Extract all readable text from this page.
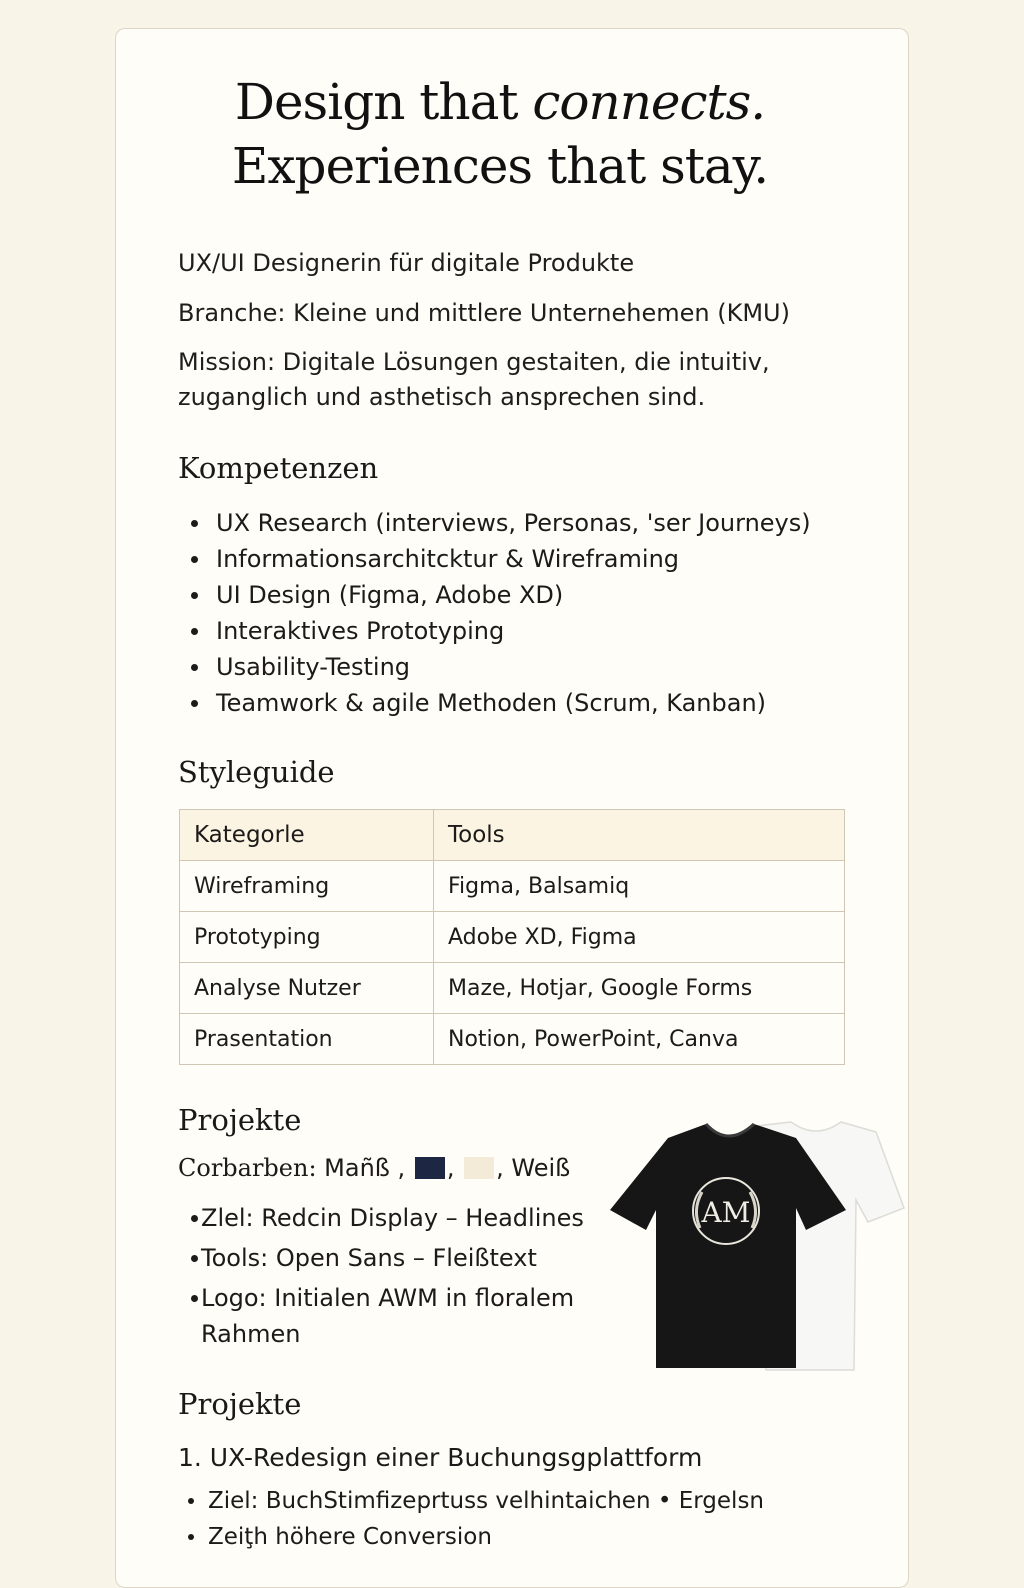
Design that connects.
Experiences that stay.

UX/UI Designerin für digitale Produkte

Branche: Kleine und mittlere Unternehemen (KMU)

Mission: Digitale Lösungen gestaiten, die intuitiv, zuganglich und asthetisch ansprechen sind.

Kompetenzen
UX Research (interviews, Personas, 'ser Journeys)
Informationsarchitcktur & Wireframing
UI Design (Figma, Adobe XD)
Interaktives Prototyping
Usability-Testing
Teamwork & agile Methoden (Scrum, Kanban)
Styleguide
Kategorle	Tools
Wireframing	Figma, Balsamiq
Prototyping	Adobe XD, Figma
Analyse Nutzer	Maze, Hotjar, Google Forms
Prasentation	Notion, PowerPoint, Canva
Projekte
Corbarben: Mañß , , , Weiß
Zlel: Redcin Display – Headlines
Tools: Open Sans – Fleißtext
Logo: Initialen AWM in floralem Rahmen
AM
Projekte
1. UX-Redesign einer Buchungsgplattform
Ziel: BuchStimfizeprtuss velhintaichen • Ergelsn
Zeiţh höhere Conversion
